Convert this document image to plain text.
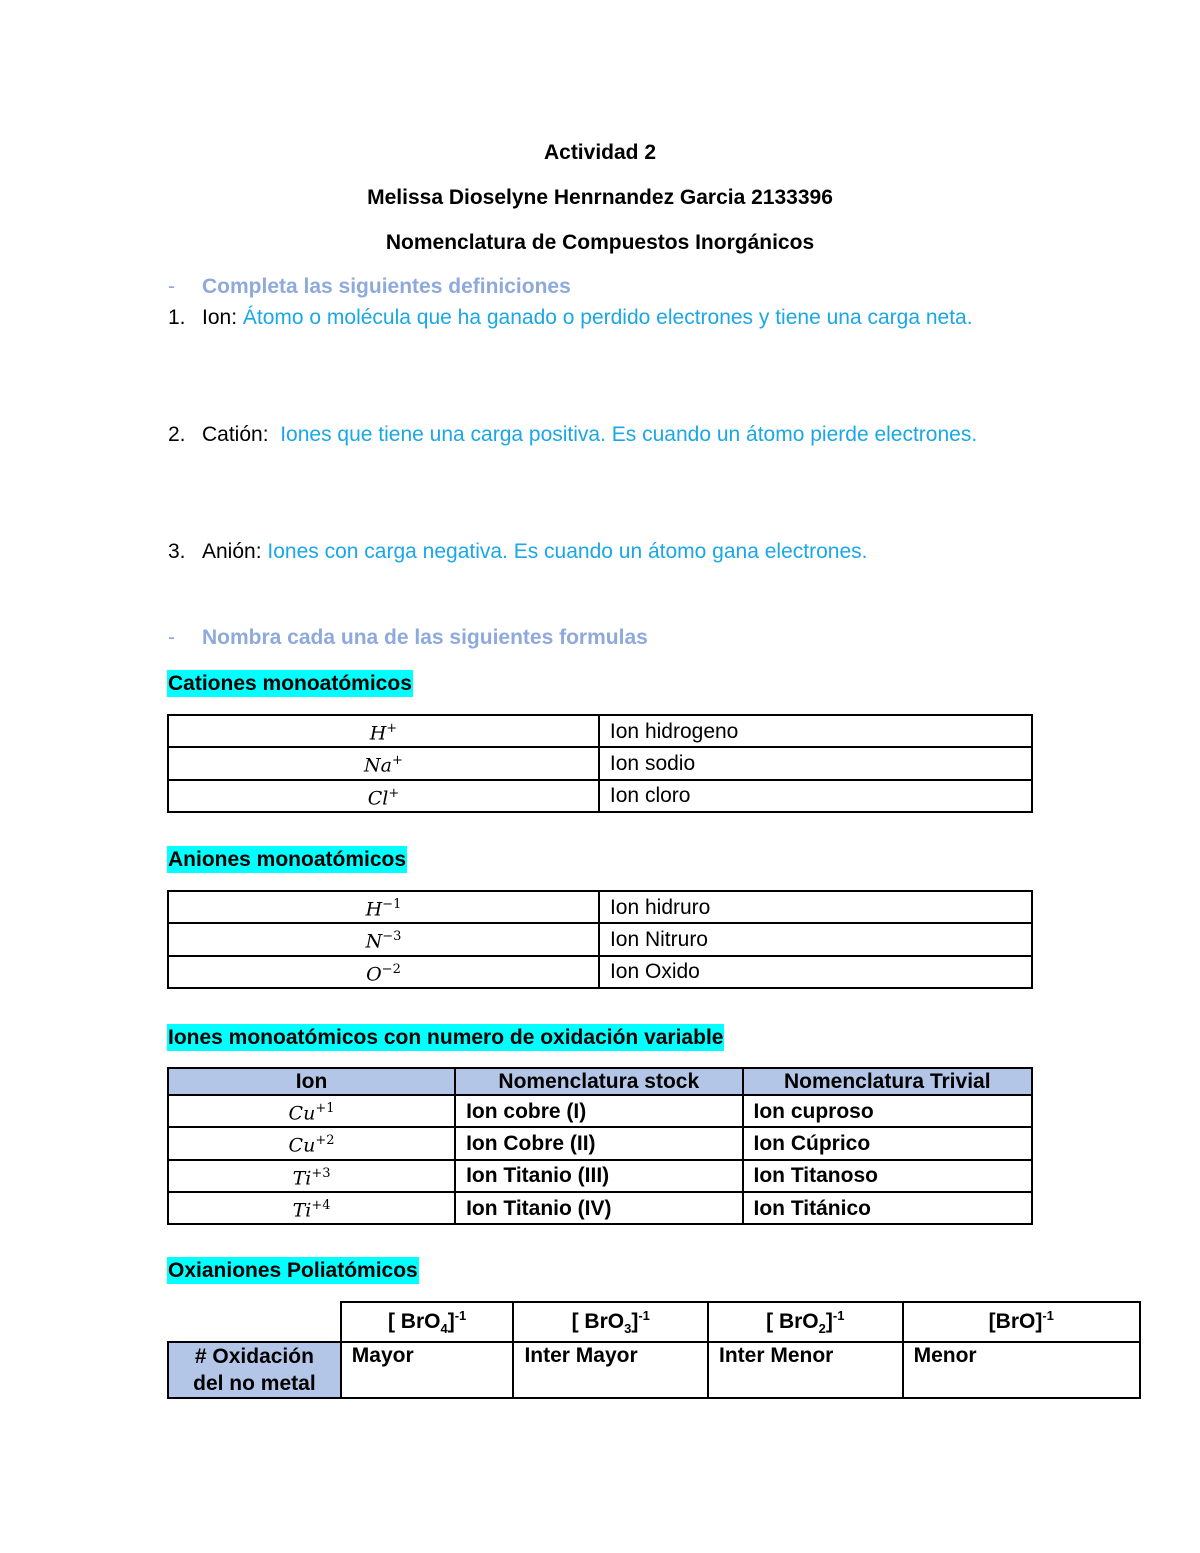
Actividad 2
Melissa Dioselyne Henrnandez Garcia 2133396
Nomenclatura de Compuestos Inorgánicos
- Completa las siguientes definiciones
1. Ion: Átomo o molécula que ha ganado o perdido electrones y tiene una carga neta.
2. Catión: Iones que tiene una carga positiva. Es cuando un átomo pierde electrones.
3. Anión: Iones con carga negativa. Es cuando un átomo gana electrones.
- Nombra cada una de las siguientes formulas
Cationes monoatómicos
H+	Ion hidrogeno
Na+	Ion sodio
Cl+	Ion cloro
Aniones monoatómicos
$H^{-1}$	Ion hidruro
$N^{-3}$	Ion Nitruro
$O^{-2}$	Ion Oxido
Iones monoatómicos con numero de oxidación variable
Ion	Nomenclatura stock	Nomenclatura Trivial
$Cu^{+1}$	Ion cobre (I)	Ion cuproso
$Cu^{+2}$	Ion Cobre (II)	Ion Cúprico
$Ti^{+3}$	Ion Titanio (III)	Ion Titanoso
$Ti^{+4}$	Ion Titanio (IV)	Ion Titánico
Oxianiones Poliatómicos
	[ BrO$_4$]$^{-1}$	[ BrO$_3$]$^{-1}$	[ BrO$_2$]$^{-1}$	[BrO]$^{-1}$
# Oxidación
del no metal	Mayor	Inter Mayor	Inter Menor	Menor
